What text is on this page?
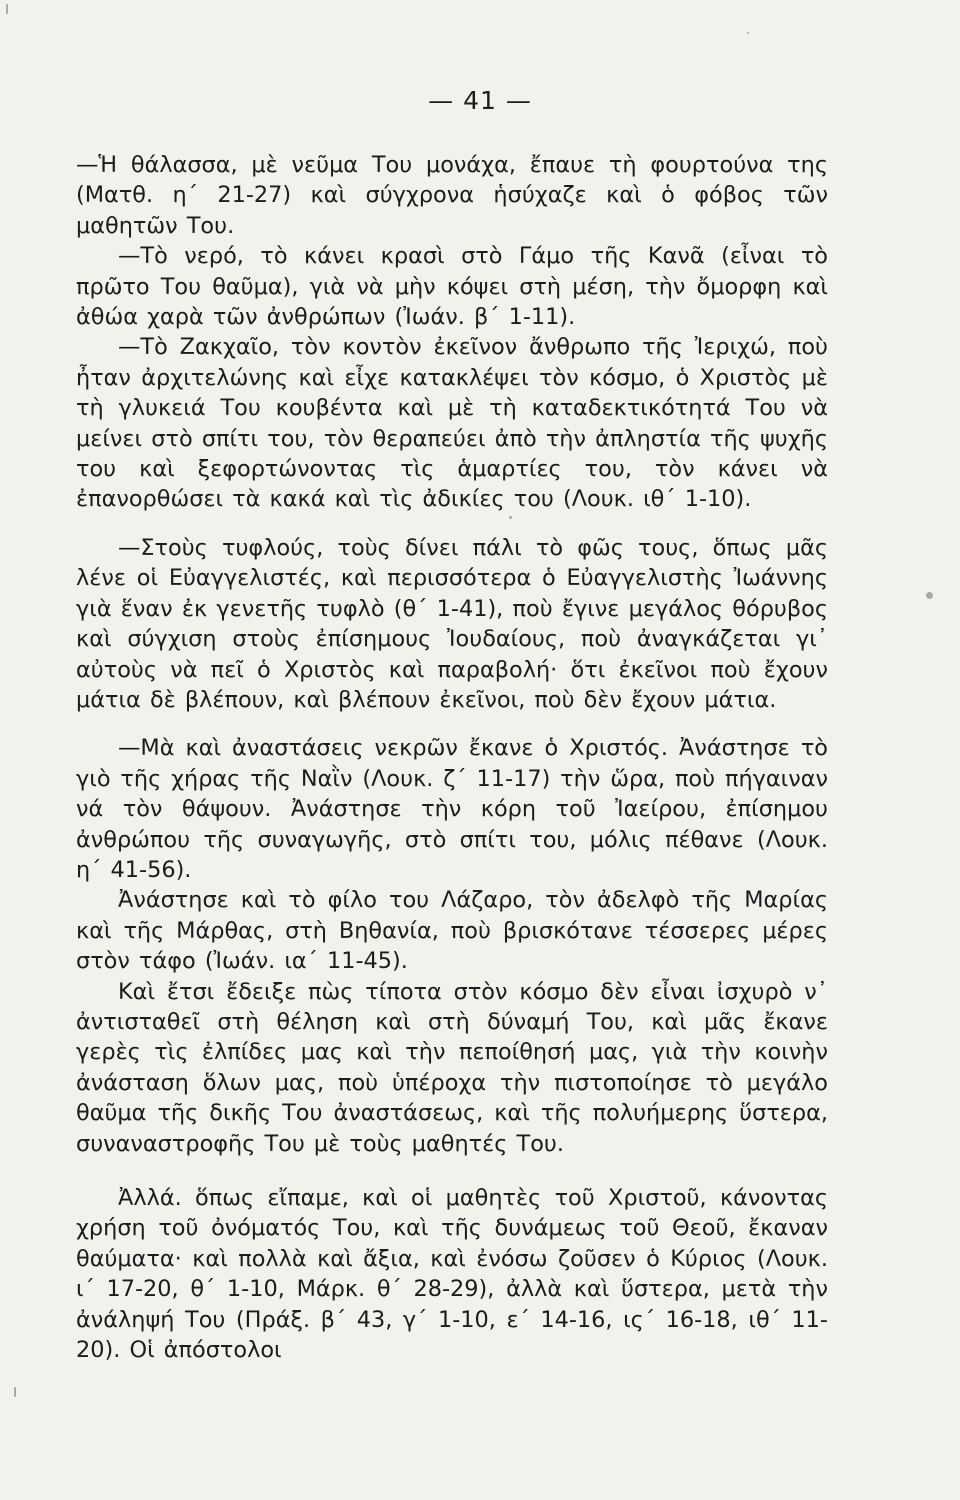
— 41 —

—Ἡ θάλασσα, μὲ νεῦμα Του μονάχα, ἔπαυε τὴ φουρτούνα της (Ματθ. η΄ 21-27) καὶ σύγχρονα ἡσύχαζε καὶ ὁ φόβος τῶν μαθητῶν Του.

—Τὸ νερό, τὸ κάνει κρασὶ στὸ Γάμο τῆς Κανᾶ (εἶναι τὸ πρῶτο Του θαῦμα), γιὰ νὰ μὴν κόψει στὴ μέση, τὴν ὄμορφη καὶ ἀθώα χαρὰ τῶν ἀνθρώπων (Ἰωάν. β΄ 1-11).

—Τὸ Ζακχαῖο, τὸν κοντὸν ἐκεῖνον ἄνθρωπο τῆς Ἰεριχώ, ποὺ ἦταν ἀρχιτελώνης καὶ εἶχε κατακλέψει τὸν κόσμο, ὁ Χριστὸς μὲ τὴ γλυκειά Του κουβέντα καὶ μὲ τὴ καταδεκτικότητά Του νὰ μείνει στὸ σπίτι του, τὸν θεραπεύει ἀπὸ τὴν ἀπληστία τῆς ψυχῆς του καὶ ξεφορτώνοντας τὶς ἁμαρτίες του, τὸν κάνει νὰ ἐπανορθώσει τὰ κακά καὶ τὶς ἀδικίες του (Λουκ. ιθ΄ 1-10).

—Στοὺς τυφλούς, τοὺς δίνει πάλι τὸ φῶς τους, ὅπως μᾶς λένε οἱ Εὐαγγελιστές, καὶ περισσότερα ὁ Εὐαγγελιστὴς Ἰωάννης γιὰ ἕναν ἐκ γενετῆς τυφλὸ (θ΄ 1-41), ποὺ ἔγινε μεγάλος θόρυβος καὶ σύγχιση στοὺς ἐπίσημους Ἰουδαίους, ποὺ ἀναγκάζεται γι᾿ αὐτοὺς νὰ πεῖ ὁ Χριστὸς καὶ παραβολή· ὅτι ἐκεῖνοι ποὺ ἔχουν μάτια δὲ βλέπουν, καὶ βλέπουν ἐκεῖνοι, ποὺ δὲν ἔχουν μάτια.

—Μὰ καὶ ἀναστάσεις νεκρῶν ἔκανε ὁ Χριστός. Ἀνάστησε τὸ γιὸ τῆς χήρας τῆς Ναῒν (Λουκ. ζ΄ 11-17) τὴν ὥρα, ποὺ πήγαιναν νά τὸν θάψουν. Ἀνάστησε τὴν κόρη τοῦ Ἰαείρου, ἐπίσημου ἀνθρώπου τῆς συναγωγῆς, στὸ σπίτι του, μόλις πέθανε (Λουκ. η΄ 41-56).

Ἀνάστησε καὶ τὸ φίλο του Λάζαρο, τὸν ἀδελφὸ τῆς Μαρίας καὶ τῆς Μάρθας, στὴ Βηθανία, ποὺ βρισκότανε τέσσερες μέρες στὸν τάφο (Ἰωάν. ια΄ 11-45).

Καὶ ἔτσι ἔδειξε πὼς τίποτα στὸν κόσμο δὲν εἶναι ἰσχυρὸ ν᾿ ἀντισταθεῖ στὴ θέληση καὶ στὴ δύναμή Του, καὶ μᾶς ἔκανε γερὲς τὶς ἐλπίδες μας καὶ τὴν πεποίθησή μας, γιὰ τὴν κοινὴν ἀνάσταση ὅλων μας, ποὺ ὑπέροχα τὴν πιστοποίησε τὸ μεγάλο θαῦμα τῆς δικῆς Του ἀναστάσεως, καὶ τῆς πολυήμερης ὕστερα, συναναστροφῆς Του μὲ τοὺς μαθητές Του.

Ἀλλά. ὅπως εἴπαμε, καὶ οἱ μαθητὲς τοῦ Χριστοῦ, κάνοντας χρήση τοῦ ὀνόματός Του, καὶ τῆς δυνάμεως τοῦ Θεοῦ, ἔκαναν θαύματα· καὶ πολλὰ καὶ ἄξια, καὶ ἐνόσω ζοῦσεν ὁ Κύριος (Λουκ. ι΄ 17-20, θ΄ 1-10, Μάρκ. θ΄ 28-29), ἀλλὰ καὶ ὕστερα, μετὰ τὴν ἀνάληψή Του (Πράξ. β΄ 43, γ΄ 1-10, ε΄ 14-16, ις΄ 16-18, ιθ΄ 11-20). Οἱ ἀπόστολοι
